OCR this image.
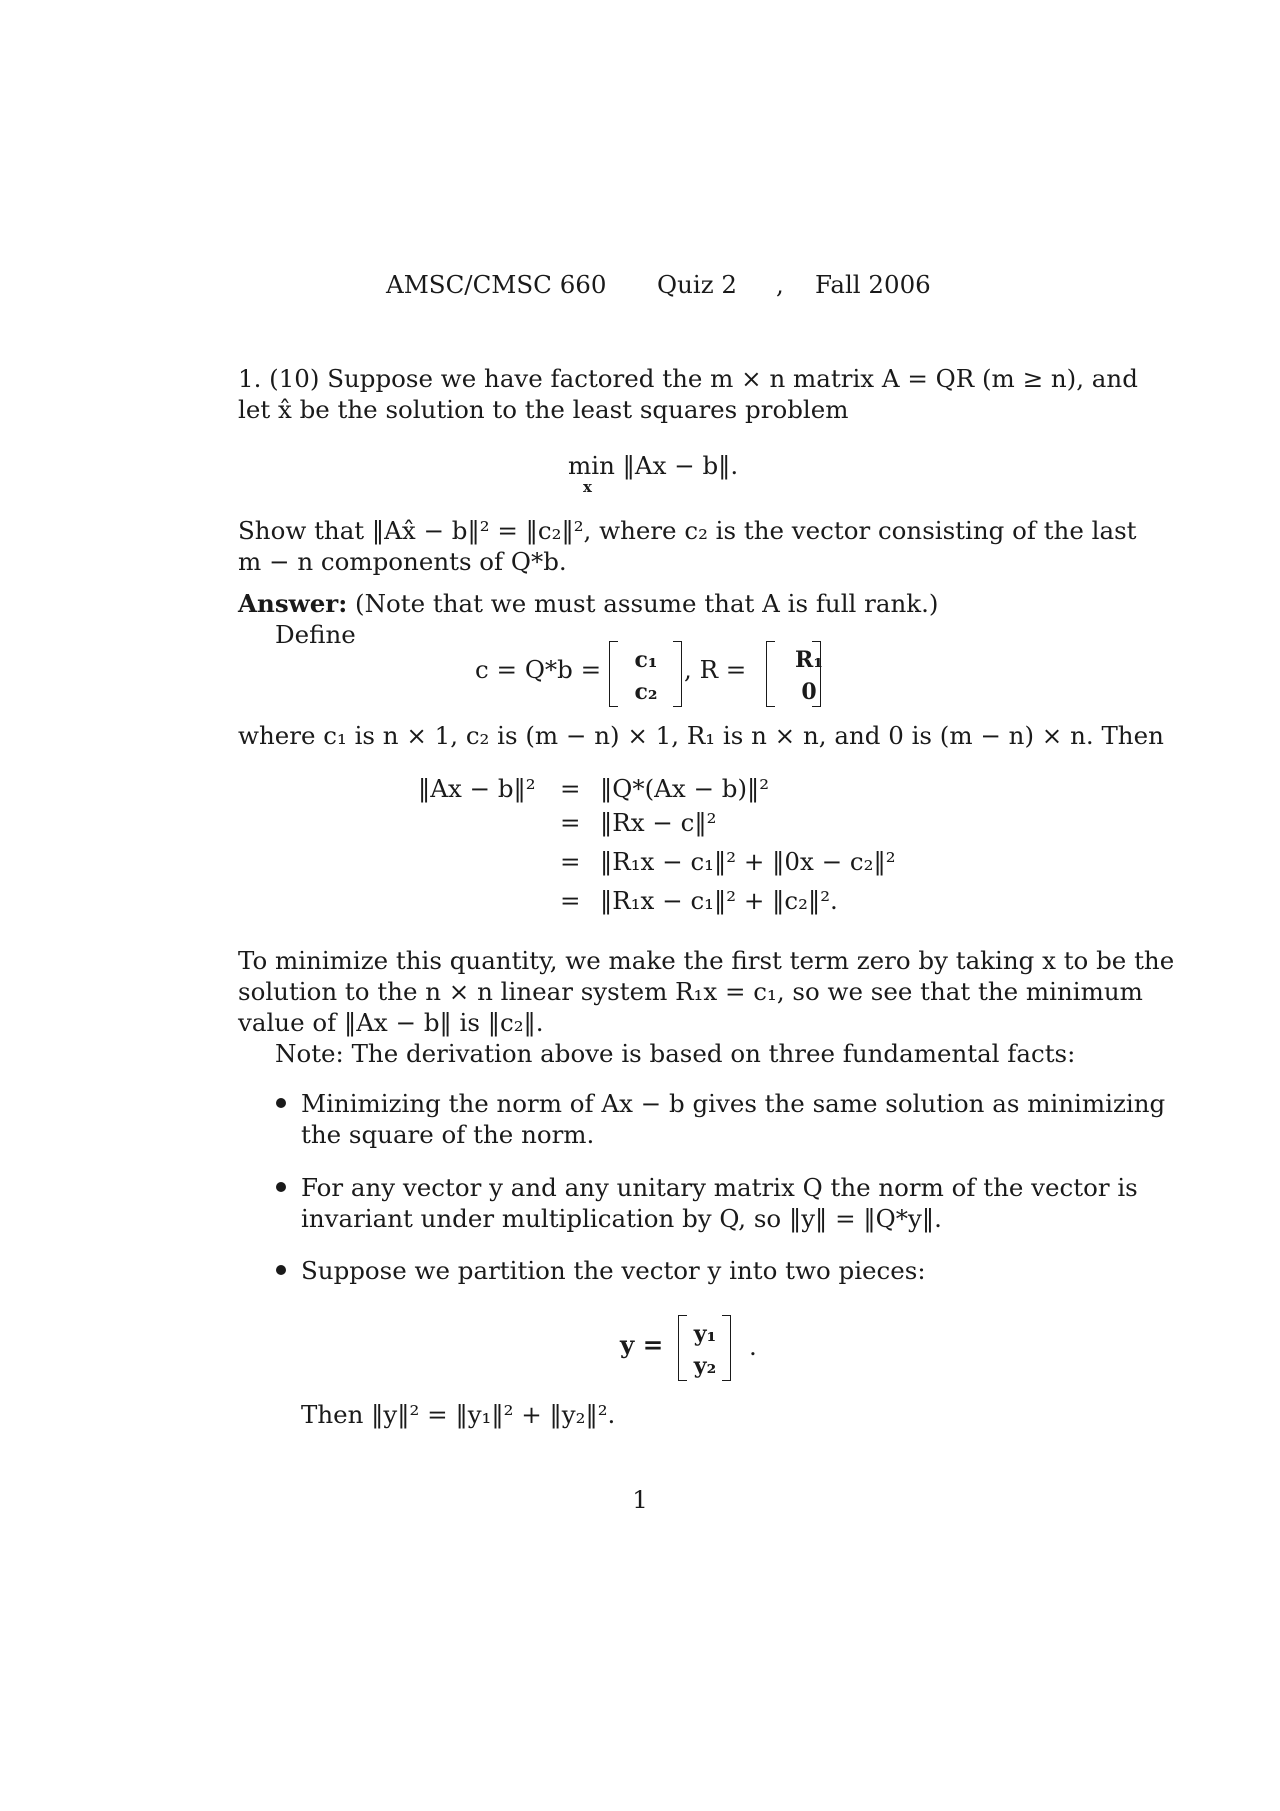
AMSC/CMSC 660 Quiz 2 , Fall 2006
1. (10) Suppose we have factored the m × n matrix A = QR (m ≥ n), and
let x̂ be the solution to the least squares problem
min ‖Ax − b‖.
x
Show that ‖Ax̂ − b‖² = ‖c₂‖², where c₂ is the vector consisting of the last
m − n components of Q*b.
Answer: (Note that we must assume that A is full rank.)
Define
c = Q*b =	c₁
c₂
, R =	R₁
0
where c₁ is n × 1, c₂ is (m − n) × 1, R₁ is n × n, and 0 is (m − n) × n. Then
‖Ax − b‖² = ‖Q*(Ax − b)‖²
= ‖Rx − c‖²
= ‖R₁x − c₁‖² + ‖0x − c₂‖²
= ‖R₁x − c₁‖² + ‖c₂‖².
To minimize this quantity, we make the first term zero by taking x to be the
solution to the n × n linear system R₁x = c₁, so we see that the minimum
value of ‖Ax − b‖ is ‖c₂‖.
Note: The derivation above is based on three fundamental facts:
Minimizing the norm of Ax − b gives the same solution as minimizing
the square of the norm.
For any vector y and any unitary matrix Q the norm of the vector is
invariant under multiplication by Q, so ‖y‖ = ‖Q*y‖.
Suppose we partition the vector y into two pieces:
y = y₁
y₂
.
Then ‖y‖² = ‖y₁‖² + ‖y₂‖².
1
